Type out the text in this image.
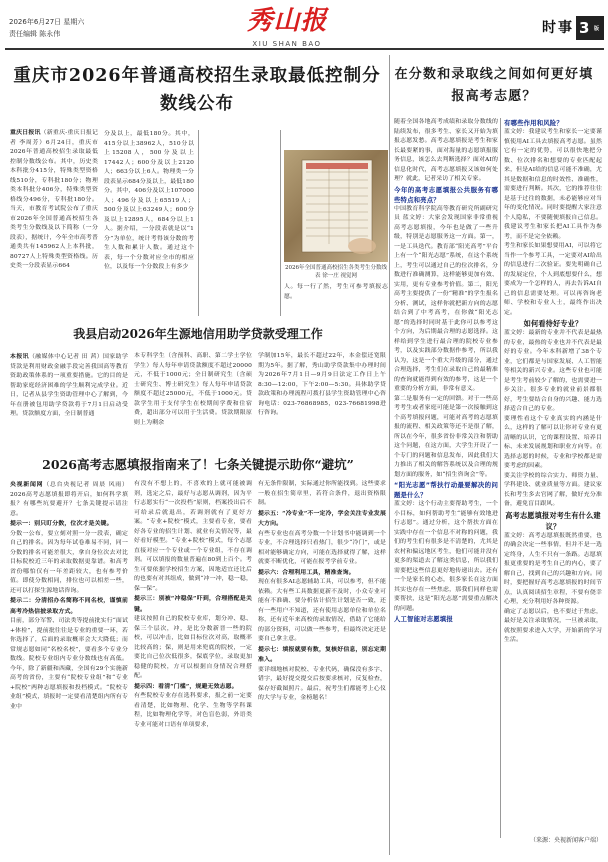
2026年6月27日 星期六
责任编辑 陈永伟	秀山报
XIU SHAN BAO
时事 3 版
重庆市2026年普通高校招生录取最低控制分数线公布
重庆日报讯（新重庆-重庆日报记者 李周芳）6月24日，重庆市2026年普通高校招生录取最低控制分数线公布。其中，历史类本科批分415分，特殊类型资格线510分，专科批180分；物理类本科批分406分，特殊类型资格线分496分，专科批180分。当天，市教育考试院公布了重庆市2026年全国普通高校招生各类考生分数线及以下简称（一分段表），据统计，今年全市高考普通类共有145962人上本科批，80727人上特殊类型资格线。历史类一分段表显示664
分及以上，最低180分。其中，415分以上38962人，510分以上15208人，500分及以上17442人；600分及以上2120人；663分以上6人。物理类一分段表显示684分及以上，最低180分。其中，406分及以上107000人；496分及以上65519人；500分及以上63249人；600分及以上12895人，684分以上1人。据介绍，一分段表就是以“1分”为单位，统计考得该分数的考生人数和累计人数。通过这个表，每一个分数对应全市的相应位，以及每一个分数段上有多少	2026年全国普通高校招生各类考生分数线表 徐一庄 视觉网
人。每一行了然，考生可参考填报志愿。
我县启动2026年生源地信用助学贷款受理工作
本报讯（融媒体中心记者 田 茜）国家助学贷款是利用财政金融手段完善我国高等教育资助政策体系的一项重要措施。它的目的是帮助家庭经济困难的学生顺利完成学业。近日，记者从县学生资助管理中心了解到，今年在册被包用助学贷款将于7月1日启动受理。贷款额度方面，全日制普通
本专科学生（含预科、高职、第二学士学位学生）每人每年申请贷款额度不超过20000元，不低于1000元；全日制研究生（含硕士研究生、博士研究生）每人每年申请贷款额度不超过25000元，不低于1000元。贷款学生用于支付学生在校期间学费和住宿费，超出部分可以用于生活费。贷款期限原则上为剩余
学制加15年，最长不超过22年，本金偿还宽限期为5年。据了解，秀山助学贷款集中办理时间为2026年7月1日—9月9日法定工作日上午8:30—12:00，下午2:00—5:30。具体助学贷款政策和办理流程可拨打县学生资助管理中心咨询电话：023-76868985，023-76681998进行咨询。
2026高考志愿填报指南来了！七条关键提示助你“避坑”
央视新闻网（总台央视记者 周晨 风雨）2026高考志愿填报即将开启，如何科学填报？有哪些坑要避开？七条关键提示请注意。
提示一：别只盯分数，位次才是关键。
分数一公布，要立刻对照一分一段表，确定自己的排名。因为每年试卷难易不同，同一分数的排名可能差很大，拿自身位次去对比目标院校近三年的录取数据更靠谱。和高考省份哪怕仅有一年差距较大，也有参考价值。即使分数相同，排位也可以相差一些，还可以打探生源地话咨询。
提示二：分清招办名简称不同名校，谨慎前高考冷热信披录取方式。
目前，部分军警、司法类等提前批实行“面试+体检”，提前批往往是专业的重要一环，若你选择了，后面的录取概率会大大降低；而常规志愿如同“名校名校”，要看多个专业分数线。院校专业组内专业分数线也有高低。今年，除了新疆和西藏，全国有29个实施新高考的省份，主要有“院校专业组”和“专业+院校”两种志愿填报和投档模式。“院校专业组”模式，填报时一定要看清楚组内所有专业中
有没有不想上的，不喜欢的上就可能被调剂，选定之后，最好与志愿从调剂，因为平行志愿实行“一次投档”原则，档案投出后不可给录后就退出，若调剂就有了更好方案。“专业+院校”模式，主要看专业，要看好各专业的招生计划、就业有关情况等，最好看好模型。“专业+院校”模式，每个志愿直接对应一个专业或一个专业组，不存在调剂。可以填报的数量普遍在80到上百个。考生可要依据学校招生方案，因地适宜还比后的也要有对其组成，做到“冲一冲，稳一稳，保一保”。
提示三：别被“冲稳保”吓到，合理搭配是关键。
建议按照自己的院校专业库，划分冲、稳、保三个层次，冲，是比分数新晋一些的院校，可以冲击，比如目标位次对高，取概率比较高的；保，则是用来兜底的院校，一定要比自己位次低很多，保底学位，录取更加稳健的院校，方可以根据自身情况合理搭配。
提示四：看清“门槛”，规避无效志愿。
有些院校专业存在选科要求，报之前一定要看清楚，比如物理、化学、生物等学科课程，比如物理化学等，对色盲色弱，外语类专业可能对口语有单项要求，
有无条件限制，实际通过你所能找到。这些要求一般在招生简章里，若符合条件，退出资格限制。
提示五：“冷专业”不一定冷，学会关注专业发展大方向。
有些专业也在高考分数一个计划书中能调到一个专业，不合理选择只看热门，很少“冷门”，或是相对能够确定方向，可能在选择就得了解，这样就要不断优化，可能在报考学前专业。
提示六：合理利用工具，精准查询。
现在有很多AI志愿辅助工具，可以参考，但不能依赖。大有些工具数据更新不及时，小众专业可能有不准确、要分析估计招生计划是否一致，还有一些用户不知道，还有使用志愿单位和单位名称，还有近年来高校的录取情况，借助了它能给的部分资料，可以做一些参考，但最终决定还是要自己拿主意。
提示七：填报就要有数，复核好信息，别忘定期准入。
要详细地核对院校、专业代码，确保没有多字、错字，最好提交提交后按要求核对，反复检查，保存好截图照片。最后，祝考生们都能考上心仪的大学与专业，金榜题名！
在分数和录取线之间如何更好填报高考志愿？
随着全国各地高考成绩和录取分数线的陆续发布，很多考生、家长又开始为填报志愿发愁。高考志愿填报是考生和家长最要紧的事，面对海量的志愿填报服务信息，该怎么去判断选择？面对AI的信息化时代，高考志愿填报又该如何处理？就此，记者采访了相关专家。

今年的高考志愿填报公共服务有哪些特点和亮点？
中国教育科学院高等教育研究所副研究员 蓝文婷：大家会发现国家非常重视高考志愿填报，今年也是做了一些升级，特别是志愿服务这一方面。第一，一是工具迭代。教育部“阳光高考”平台上有一个“阳光志愿”系统，在这个系统上，考生可以通过自己的位次排名，分数进行准确测算，这样能够更加有效、实用，更有专业参考价值。第二，阳光高考主要提供了一份“精准”的学生报名分析、测试，这样你就把新方向的志愿结合到了中考高考，在你做“阳光志愿”的选择时同时基于此你可以参考这个方向，为后期最合理的志愿选择。这样给到学生进行最合理的院校专业参考，以及实践部分数据作参考，所以我认为，这是一个重大升级的部分，通过合理选择，考生们在录取自己的最精准的查询就能得到有效的参考，这是一个重要的分析方面，非常有意义。
第二是服务有一定的回馈。对于一些高考考生或者家庭可能是第一次接触到这个高考填报问题，可能对高考的志愿填报的流程、相关政策等还不是很了解，所以在今年，很多省份非常关注和帮助这个问题，在这方面，大学生开设了一个专门的问题和信息发布，因此我们大力推出了相关的解答系统以及合理的规划方面的服务，如“招生咨询会”等。

“阳光志愿”帮扶行动最要解决的问题是什么？
蓝文婷：这个行动主要帮助考生，一个小目标，如何帮助考生“能够有效地进行志愿”。通过分析，这个帮扶方面在实践中存在一个信息不对称的问题，我们的考生们有很多是不清楚的，尤其是农村和偏远地区考生，他们可能并没有更多的渠道去了解这类信息，所以我们需要把这些信息更好地传递出去。还有一个是家长的心态，很多家长在这方面其实也存在一些焦虑，那我们同样也需要帮扶，这是“阳光志愿”需要重点解决的问题。

人工智能对志愿填报
有哪些作用和风险？
蓝文婷：我建议考生和家长一定要谨慎使用AI工具去填报高考志愿。虽然它有一定的优势，可以很快地把分数、位次排名和想要的专业匹配起来，但是AI给的信息可能不准确，尤其是数据和信息的时效性、准确性，需要进行判断。其次，它的推荐往往是基于过往的数据，未必能够应对当年的变化情况。同时要提醒大家注意个人隐私，不要随便填报自己信息。我建议考生和家长把AI工具作为参考，而不是完全依赖。
考生和家长如果想要用AI，可以将它当作一个参考工具，一定要对AI给出的信息进行二次验证。要先明确自己的发展定位，个人到底想要什么，想要成为一个怎样的人，再去告诉AI自己的信息需要处理。可以再咨询老师、学校和专业人士，最终作出决定。
如何看待好专业？
蓝文婷：最新的专业并不代表是最热的专业，最热的专业也并不代表是最好的专业。今年本科新增了38个专业，它们都是与国家发展、人工智能等相关的新兴专业。这些专业也可能是考生考前较少了解的，也需要进一步关注。很多专业的就业前景都很好，考生要结合自身的兴趣、能力选择适合自己的专业。
要理性看这个专业真实的内涵是什么，这样的了解可以让你对专业有更清晰的认识，它的课程设置、培养目标、未来发展规划和职业方向等。在选择志愿的时候，专业和学校都是需要考虑的因素。
要关注学校的综合实力、师资力量、学科建设、就业质量等方面。建议家长和考生多去官网了解，做好充分准备，避免盲目跟风。
高考志愿填报对考生有什么建议？
蓝文婷：高考志愿填报既然重要，也的确会决定一些事情，但并不是一选定终身，人生不只有一条路。志愿填报更重要的是考生自己的内心，要了解自己，找到自己的兴趣和方向。同时，要把握好高考志愿填报的时间节点，认真阅读招生章程，不要有侥幸心理，充分利用好各种资源。
确定了志愿以后，也不要过于焦虑，最好是关注录取情况，一旦被录取，就按照要求进入大学，开始新的学习生活。
（来源：央视新闻客户端）
